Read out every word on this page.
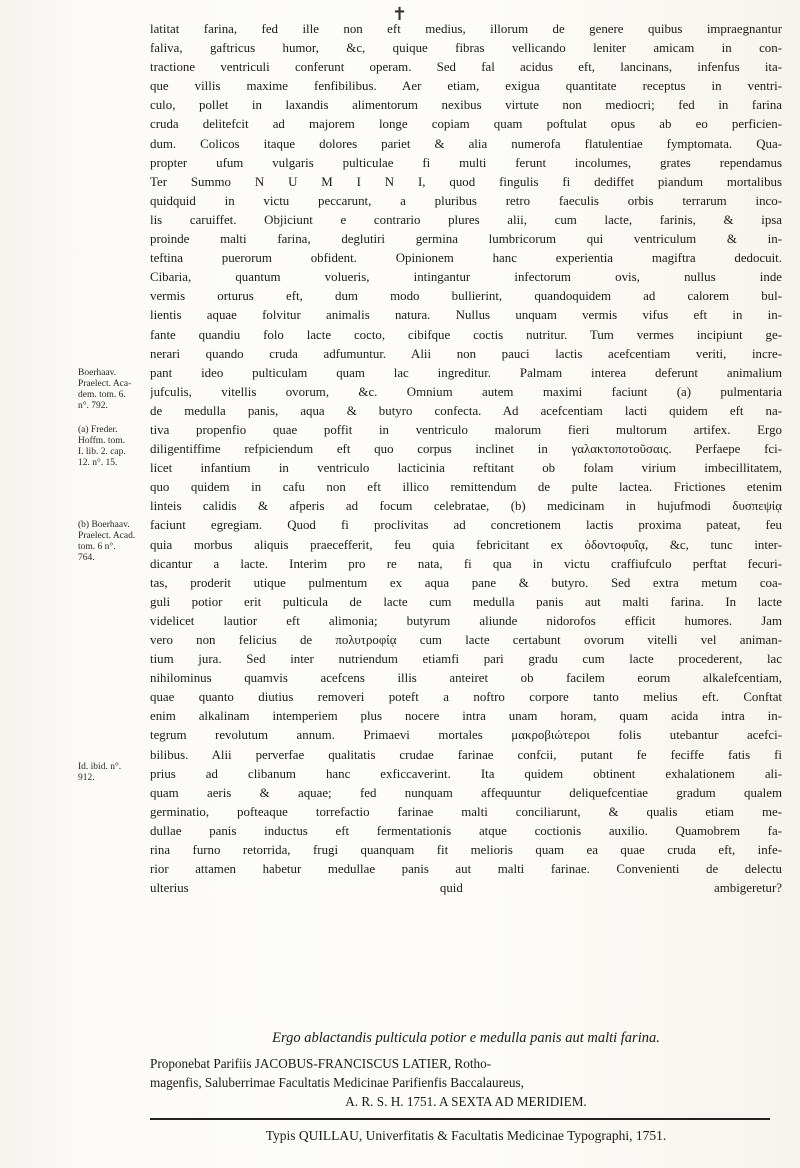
✝

latitat farina, fed ille non eft medius, illorum de genere quibus impraegnantur

faliva, gaftricus humor, &c, quique fibras vellicando leniter amicam in con-

tractione ventriculi conferunt operam. Sed fal acidus eft, lancinans, infenfus ita-

que villis maxime fenfibilibus. Aer etiam, exigua quantitate receptus in ventri-

culo, pollet in laxandis alimentorum nexibus virtute non mediocri; fed in farina

cruda delitefcit ad majorem longe copiam quam poftulat opus ab eo perficien-

dum. Colicos itaque dolores pariet & alia numerofa flatulentiae fymptomata. Qua-

propter ufum vulgaris pulticulae fi multi ferunt incolumes, grates rependamus

Ter Summo N U M I N I, quod fingulis fi dediffet piandum mortalibus

quidquid in victu peccarunt, a pluribus retro faeculis orbis terrarum inco-

lis caruiffet. Objiciunt e contrario plures alii, cum lacte, farinis, & ipsa

proinde malti farina, deglutiri germina lumbricorum qui ventriculum & in-

teftina puerorum obfident. Opinionem hanc experientia magiftra dedocuit.

Cibaria, quantum volueris, intingantur infectorum ovis, nullus inde

vermis orturus eft, dum modo bullierint, quandoquidem ad calorem bul-

lientis aquae folvitur animalis natura. Nullus unquam vermis vifus eft in in-

fante quandiu folo lacte cocto, cibifque coctis nutritur. Tum vermes incipiunt ge-

nerari quando cruda adfumuntur. Alii non pauci lactis acefcentiam veriti, incre-

pant ideo pulticulam quam lac ingreditur. Palmam interea deferunt animalium

jufculis, vitellis ovorum, &c. Omnium autem maximi faciunt (a) pulmentaria

de medulla panis, aqua & butyro confecta. Ad acefcentiam lacti quidem eft na-

tiva propenfio quae poffit in ventriculo malorum fieri multorum artifex. Ergo

diligentiffime refpiciendum eft quo corpus inclinet in γαλακτοποτοῦσαις. Perfaepe fci-

licet infantium in ventriculo lacticinia reftitant ob folam virium imbecillitatem,

quo quidem in cafu non eft illico remittendum de pulte lactea. Frictiones etenim

linteis calidis & afperis ad focum celebratae, (b) medicinam in hujufmodi δυσπεψίᾳ

faciunt egregiam. Quod fi proclivitas ad concretionem lactis proxima pateat, feu

quia morbus aliquis praecefferit, feu quia febricitant ex ὀδοντοφυΐᾳ, &c, tunc inter-

dicantur a lacte. Interim pro re nata, fi qua in victu craffiufculo perftat fecuri-

tas, proderit utique pulmentum ex aqua pane & butyro. Sed extra metum coa-

guli potior erit pulticula de lacte cum medulla panis aut malti farina. In lacte

videlicet lautior eft alimonia; butyrum aliunde nidorofos efficit humores. Jam

vero non felicius de πολυτροφίᾳ cum lacte certabunt ovorum vitelli vel animan-

tium jura. Sed inter nutriendum etiamfi pari gradu cum lacte procederent, lac

nihilominus quamvis acefcens illis anteiret ob facilem eorum alkalefcentiam,

quae quanto diutius removeri poteft a noftro corpore tanto melius eft. Conftat

enim alkalinam intemperiem plus nocere intra unam horam, quam acida intra in-

tegrum revolutum annum. Primaevi mortales μακροβιώτεροι folis utebantur acefci-

bilibus. Alii perverfae qualitatis crudae farinae confcii, putant fe feciffe fatis fi

prius ad clibanum hanc exficcaverint. Ita quidem obtinent exhalationem ali-

quam aeris & aquae; fed nunquam affequuntur deliquefcentiae gradum qualem

germinatio, pofteaque torrefactio farinae malti conciliarunt, & qualis etiam me-

dullae panis inductus eft fermentationis atque coctionis auxilio. Quamobrem fa-

rina furno retorrida, frugi quanquam fit melioris quam ea quae cruda eft, infe-

rior attamen habetur medullae panis aut malti farinae. Convenienti de delectu

ulterius quid ambigeretur?

Boerhaav.
Praelect. Aca-
dem. tom. 6.
n°. 792.
(a) Freder.
Hoffm. tom.
I. lib. 2. cap.
12. n°. 15.
(b) Boerhaav.
Praelect. Acad.
tom. 6 n°.
764.
Id. ibid. n°.
912.
Ergo ablactandis pulticula potior e medulla panis aut malti farina.

Proponebat Parifiis JACOBUS-FRANCISCUS LATIER, Rotho-

magenfis, Saluberrimae Facultatis Medicinae Parifienfis Baccalaureus,

A. R. S. H. 1751. A SEXTA AD MERIDIEM.

Typis QUILLAU, Univerfitatis & Facultatis Medicinae Typographi, 1751.
